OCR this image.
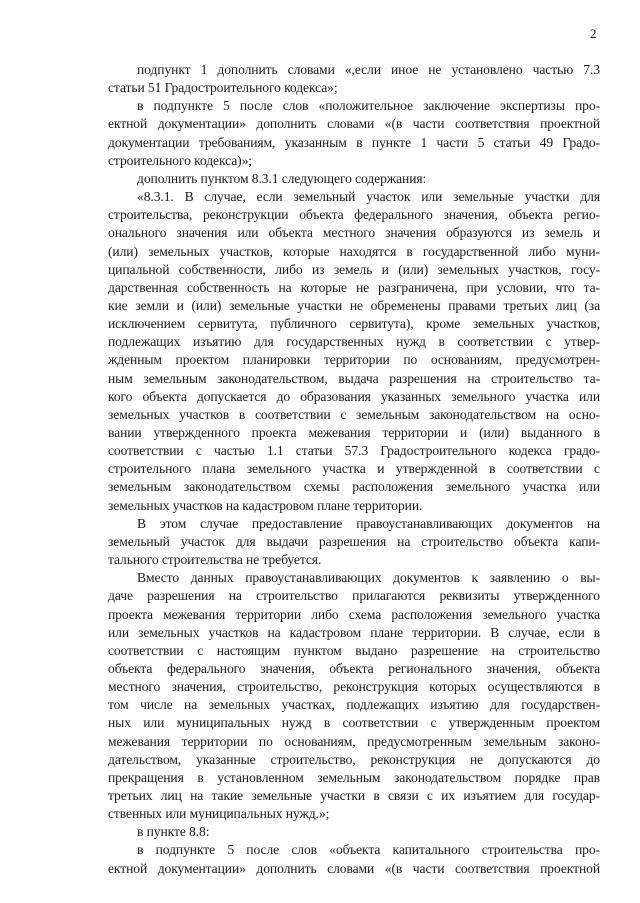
2
подпункт 1 дополнить словами «,если иное не установлено частью 7.3
статьи 51 Градостроительного кодекса»;
в подпункте 5 после слов «положительное заключение экспертизы про-
ектной документации» дополнить словами «(в части соответствия проектной
документации требованиям, указанным в пункте 1 части 5 статьи 49 Градо-
строительного кодекса)»;
дополнить пунктом 8.3.1 следующего содержания:
«8.3.1. В случае, если земельный участок или земельные участки для
строительства, реконструкции объекта федерального значения, объекта регио-
онального значения или объекта местного значения образуются из земель и
(или) земельных участков, которые находятся в государственной либо муни-
ципальной собственности, либо из земель и (или) земельных участков, госу-
дарственная собственность на которые не разграничена, при условии, что та-
кие земли и (или) земельные участки не обременены правами третьих лиц (за
исключением сервитута, публичного сервитута), кроме земельных участков,
подлежащих изъятию для государственных нужд в соответствии с утвер-
жденным проектом планировки территории по основаниям, предусмотрен-
ным земельным законодательством, выдача разрешения на строительство та-
кого объекта допускается до образования указанных земельного участка или
земельных участков в соответствии с земельным законодательством на осно-
вании утвержденного проекта межевания территории и (или) выданного в
соответствии с частью 1.1 статьи 57.3 Градостроительного кодекса градо-
строительного плана земельного участка и утвержденной в соответствии с
земельным законодательством схемы расположения земельного участка или
земельных участков на кадастровом плане территории.
В этом случае предоставление правоустанавливающих документов на
земельный участок для выдачи разрешения на строительство объекта капи-
тального строительства не требуется.
Вместо данных правоустанавливающих документов к заявлению о вы-
даче разрешения на строительство прилагаются реквизиты утвержденного
проекта межевания территории либо схема расположения земельного участка
или земельных участков на кадастровом плане территории. В случае, если в
соответствии с настоящим пунктом выдано разрешение на строительство
объекта федерального значения, объекта регионального значения, объекта
местного значения, строительство, реконструкция которых осуществляются в
том числе на земельных участках, подлежащих изъятию для государствен-
ных или муниципальных нужд в соответствии с утвержденным проектом
межевания территории по основаниям, предусмотренным земельным законо-
дательством, указанные строительство, реконструкция не допускаются до
прекращения в установленном земельным законодательством порядке прав
третьих лиц на такие земельные участки в связи с их изъятием для государ-
ственных или муниципальных нужд.»;
в пункте 8.8:
в подпункте 5 после слов «объекта капитального строительства про-
ектной документации» дополнить словами «(в части соответствия проектной
